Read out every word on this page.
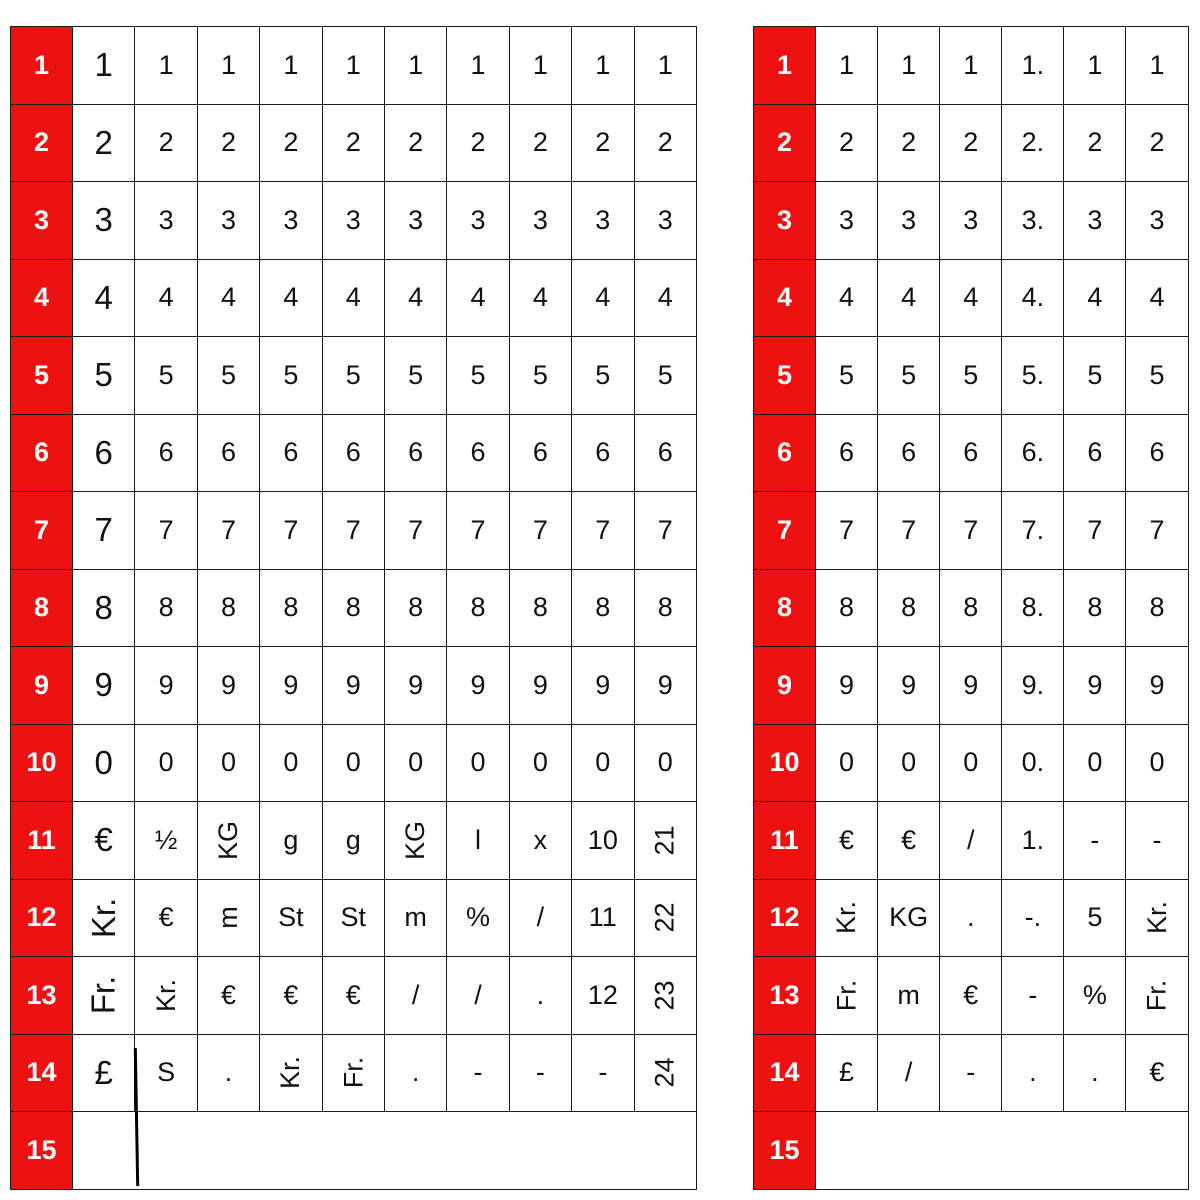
1	1	1	1	1	1	1	1	1	1	1
2	2	2	2	2	2	2	2	2	2	2
3	3	3	3	3	3	3	3	3	3	3
4	4	4	4	4	4	4	4	4	4	4
5	5	5	5	5	5	5	5	5	5	5
6	6	6	6	6	6	6	6	6	6	6
7	7	7	7	7	7	7	7	7	7	7
8	8	8	8	8	8	8	8	8	8	8
9	9	9	9	9	9	9	9	9	9	9
10	0	0	0	0	0	0	0	0	0	0
11	€	½	KG	g	g	KG	l	x	10	21
12	Kr.	€	m	St	St	m	%	/	11	22
13	Fr.	Kr.	€	€	€	/	/	.	12	23
14	£	S	.	Kr.	Fr.	.	-	-	-	24
15										
1	1	1	1	1.	1	1
2	2	2	2	2.	2	2
3	3	3	3	3.	3	3
4	4	4	4	4.	4	4
5	5	5	5	5.	5	5
6	6	6	6	6.	6	6
7	7	7	7	7.	7	7
8	8	8	8	8.	8	8
9	9	9	9	9.	9	9
10	0	0	0	0.	0	0
11	€	€	/	1.	-	-
12	Kr.	KG	.	-.	5	Kr.
13	Fr.	m	€	-	%	Fr.
14	£	/	-	.	.	€
15						
